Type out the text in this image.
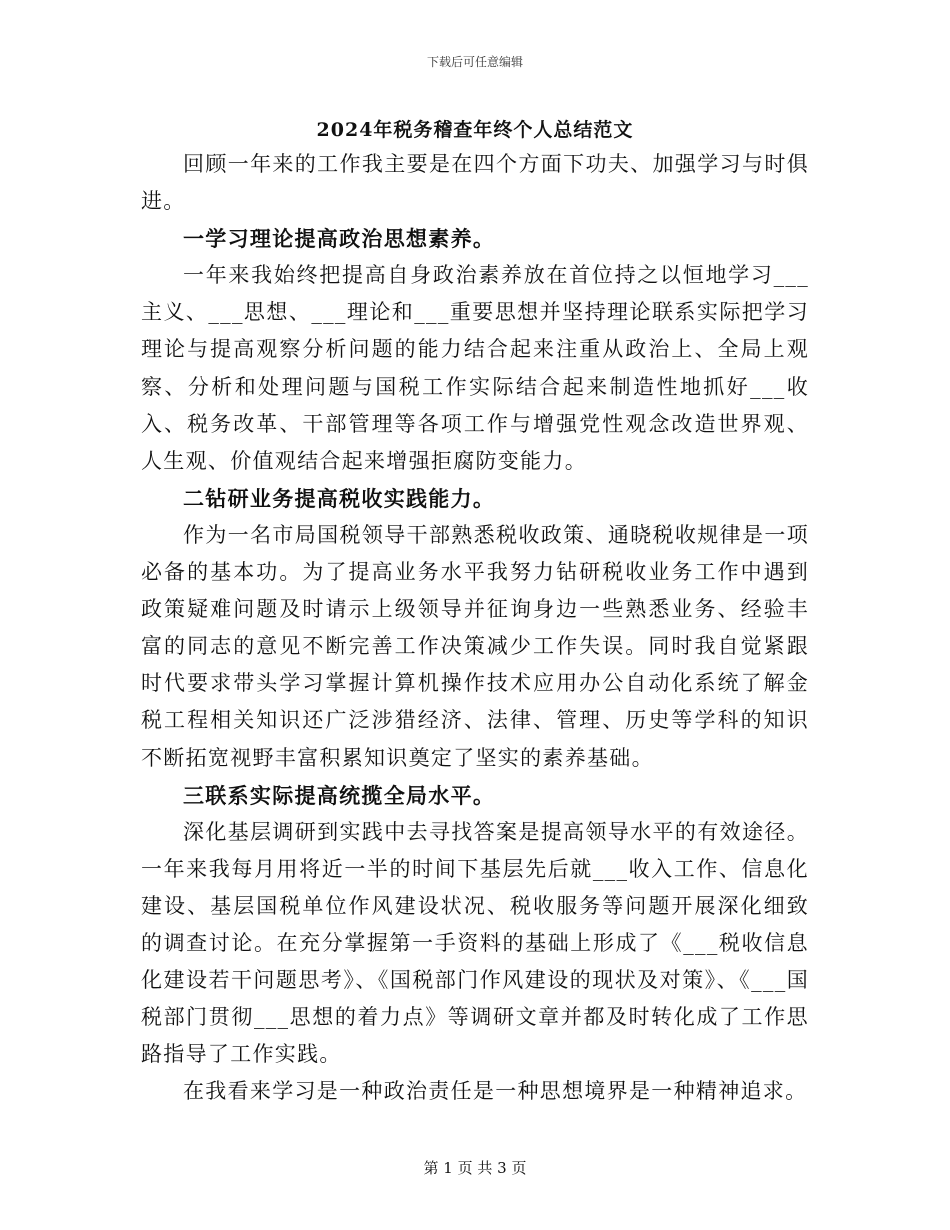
下载后可任意编辑
2024年税务稽查年终个人总结范文

回顾一年来的工作我主要是在四个方面下功夫、加强学习与时俱进。

一学习理论提高政治思想素养。

一年来我始终把提高自身政治素养放在首位持之以恒地学习___主义、___思想、___理论和___重要思想并坚持理论联系实际把学习理论与提高观察分析问题的能力结合起来注重从政治上、全局上观察、分析和处理问题与国税工作实际结合起来制造性地抓好___收入、税务改革、干部管理等各项工作与增强党性观念改造世界观、人生观、价值观结合起来增强拒腐防变能力。

二钻研业务提高税收实践能力。

作为一名市局国税领导干部熟悉税收政策、通晓税收规律是一项必备的基本功。为了提高业务水平我努力钻研税收业务工作中遇到政策疑难问题及时请示上级领导并征询身边一些熟悉业务、经验丰富的同志的意见不断完善工作决策减少工作失误。同时我自觉紧跟时代要求带头学习掌握计算机操作技术应用办公自动化系统了解金税工程相关知识还广泛涉猎经济、法律、管理、历史等学科的知识不断拓宽视野丰富积累知识奠定了坚实的素养基础。

三联系实际提高统揽全局水平。

深化基层调研到实践中去寻找答案是提高领导水平的有效途径。一年来我每月用将近一半的时间下基层先后就___收入工作、信息化建设、基层国税单位作风建设状况、税收服务等问题开展深化细致的调查讨论。在充分掌握第一手资料的基础上形成了《___税收信息化建设若干问题思考》、《国税部门作风建设的现状及对策》、《___国税部门贯彻___思想的着力点》等调研文章并都及时转化成了工作思路指导了工作实践。

在我看来学习是一种政治责任是一种思想境界是一种精神追求。

第 1 页 共 3 页
